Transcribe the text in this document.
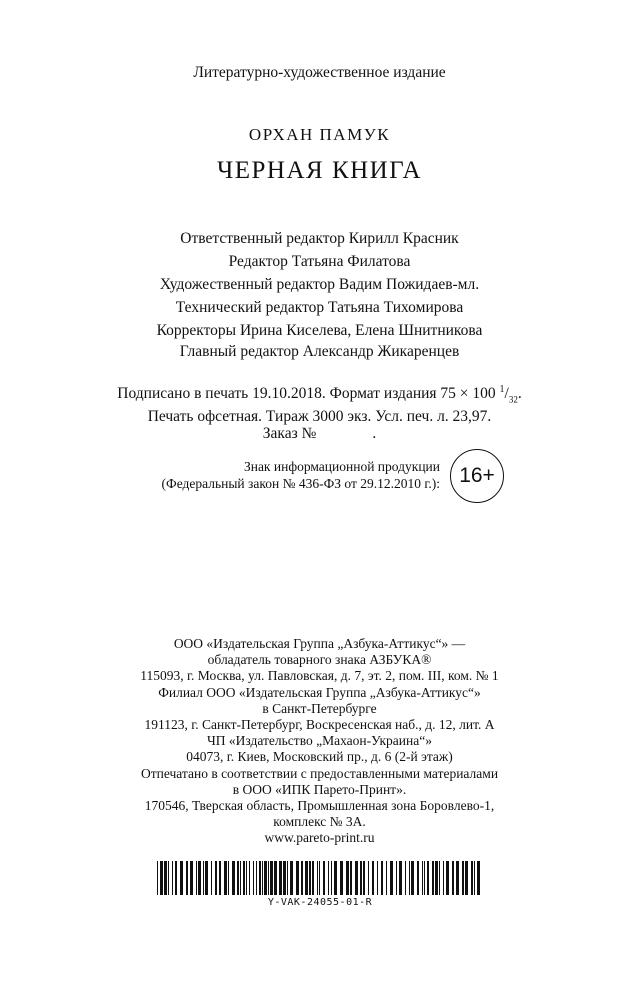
Литературно-художественное издание
ОРХАН ПАМУК
ЧЕРНАЯ КНИГА
Ответственный редактор Кирилл Красник
Редактор Татьяна Филатова
Художественный редактор Вадим Пожидаев-мл.
Технический редактор Татьяна Тихомирова
Корректоры Ирина Киселева, Елена Шнитникова
Главный редактор Александр Жикаренцев
Подписано в печать 19.10.2018. Формат издания 75 × 100 $^1/_{32}$.
Печать офсетная. Тираж 3000 экз. Усл. печ. л. 23,97.
Заказ №	.
Знак информационной продукции
(Федеральный закон № 436-ФЗ от 29.12.2010 г.): 16+
ООО «Издательская Группа „Азбука-Аттикус“» —
обладатель товарного знака АЗБУКА®
115093, г. Москва, ул. Павловская, д. 7, эт. 2, пом. III, ком. № 1
Филиал ООО «Издательская Группа „Азбука-Аттикус“»
в Санкт-Петербурге
191123, г. Санкт-Петербург, Воскресенская наб., д. 12, лит. А
ЧП «Издательство „Махаон-Украина“»
04073, г. Киев, Московский пр., д. 6 (2-й этаж)
Отпечатано в соответствии с предоставленными материалами
в ООО «ИПК Парето-Принт».
170546, Тверская область, Промышленная зона Боровлево-1,
комплекс № 3А.
www.pareto-print.ru
Y-VAK-24055-01-R
